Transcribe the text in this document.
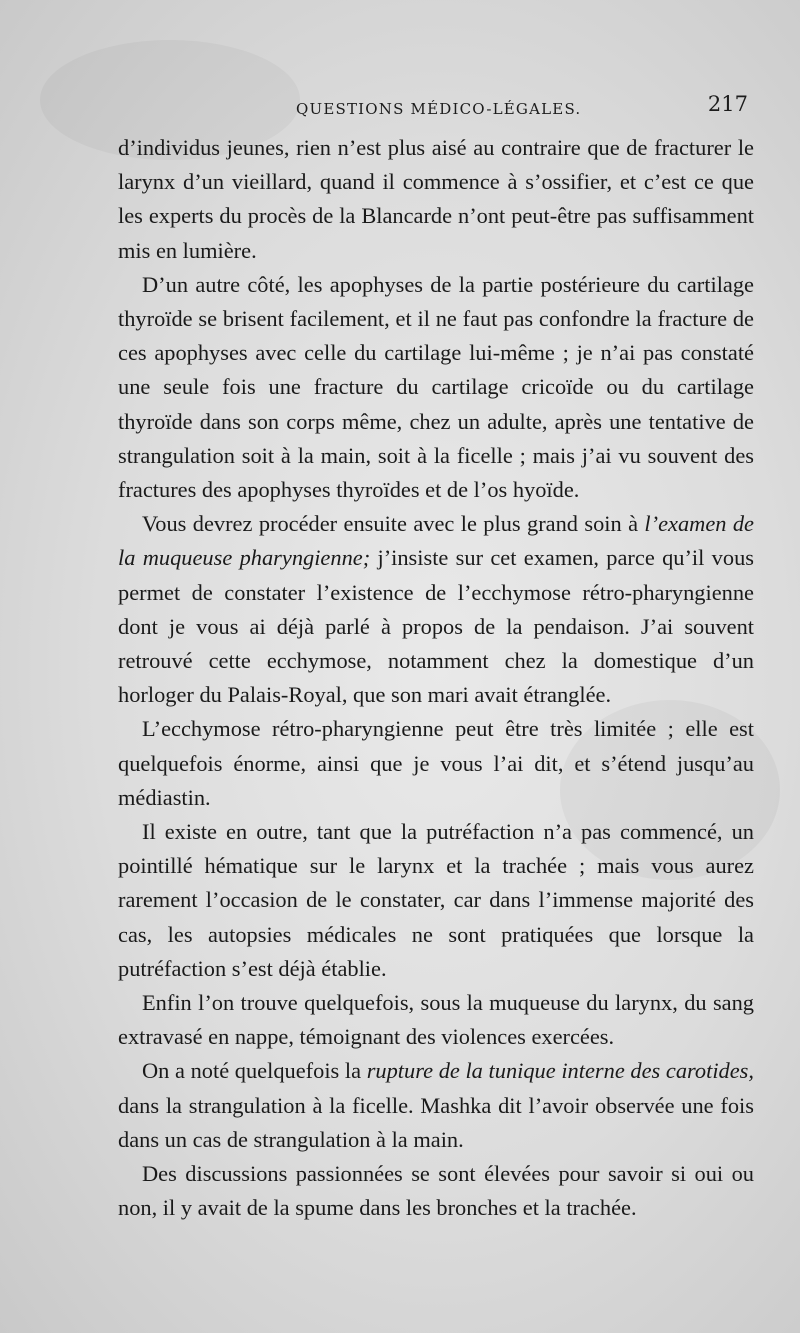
QUESTIONS MÉDICO-LÉGALES.	217

d’individus jeunes, rien n’est plus aisé au contraire que de fracturer le larynx d’un vieillard, quand il commence à s’ossifier, et c’est ce que les experts du procès de la Blancarde n’ont peut-être pas suffisamment mis en lumière.

D’un autre côté, les apophyses de la partie postérieure du cartilage thyroïde se brisent facilement, et il ne faut pas confondre la fracture de ces apophyses avec celle du cartilage lui-même ; je n’ai pas constaté une seule fois une fracture du cartilage cricoïde ou du cartilage thyroïde dans son corps même, chez un adulte, après une tentative de strangulation soit à la main, soit à la ficelle ; mais j’ai vu souvent des fractures des apophyses thyroïdes et de l’os hyoïde.

Vous devrez procéder ensuite avec le plus grand soin à l’examen de la muqueuse pharyngienne; j’insiste sur cet examen, parce qu’il vous permet de constater l’existence de l’ecchymose rétro-pharyngienne dont je vous ai déjà parlé à propos de la pendaison. J’ai souvent retrouvé cette ecchymose, notamment chez la domestique d’un horloger du Palais-Royal, que son mari avait étranglée.

L’ecchymose rétro-pharyngienne peut être très limitée ; elle est quelquefois énorme, ainsi que je vous l’ai dit, et s’étend jusqu’au médiastin.

Il existe en outre, tant que la putréfaction n’a pas commencé, un pointillé hématique sur le larynx et la trachée ; mais vous aurez rarement l’occasion de le constater, car dans l’immense majorité des cas, les autopsies médicales ne sont pratiquées que lorsque la putréfaction s’est déjà établie.

Enfin l’on trouve quelquefois, sous la muqueuse du larynx, du sang extravasé en nappe, témoignant des violences exercées.

On a noté quelquefois la rupture de la tunique interne des carotides, dans la strangulation à la ficelle. Mashka dit l’avoir observée une fois dans un cas de strangulation à la main.

Des discussions passionnées se sont élevées pour savoir si oui ou non, il y avait de la spume dans les bronches et la trachée.
